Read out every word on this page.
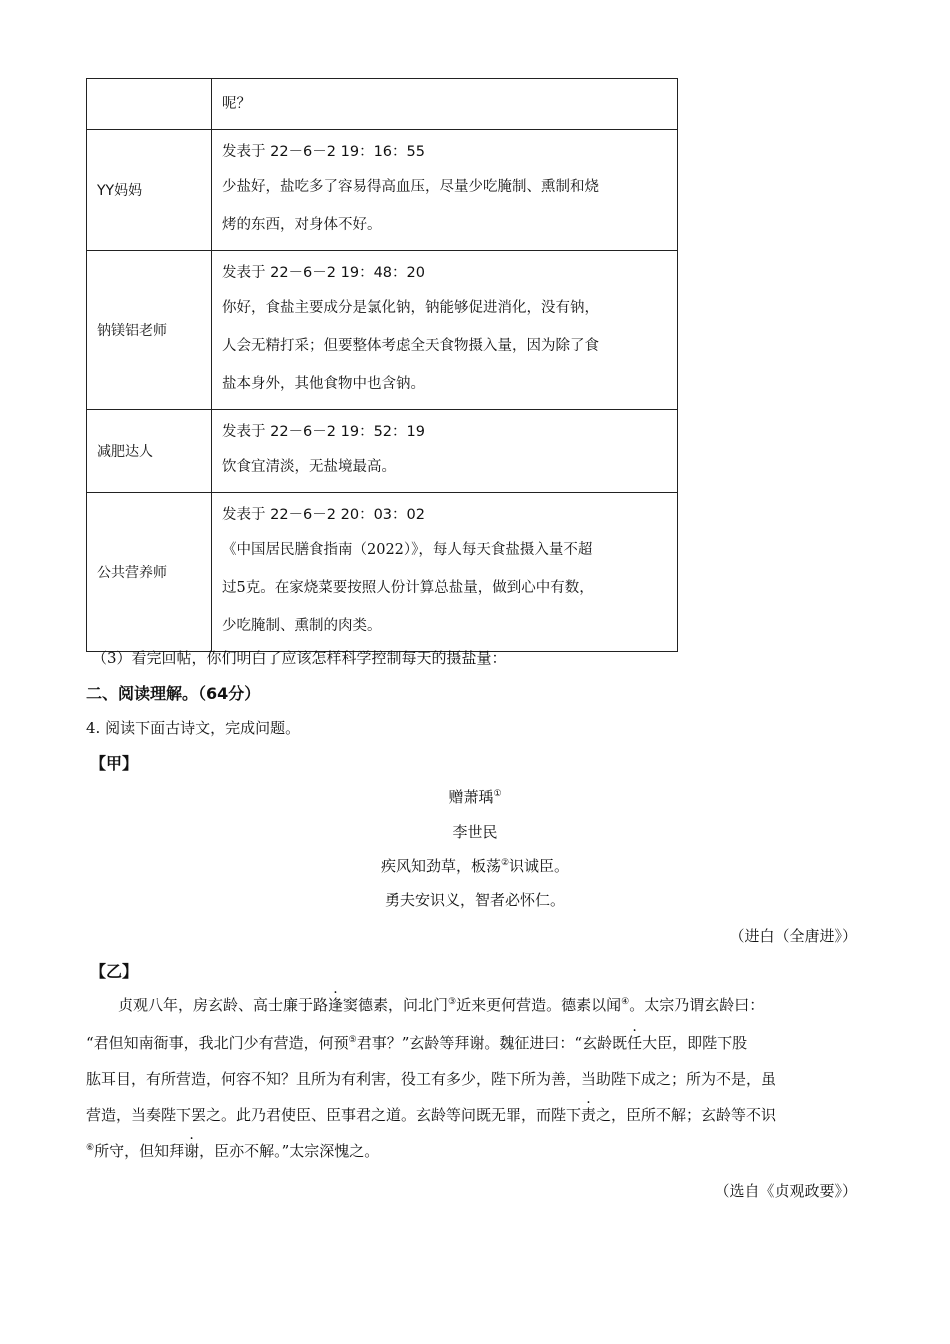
	呢？

YY妈妈	发表于 22－6－2 19：16：55
少盐好，盐吃多了容易得高血压，尽量少吃腌制、熏制和烧
烤的东西，对身体不好。

钠镁铝老师	发表于 22－6－2 19：48：20
你好，食盐主要成分是氯化钠，钠能够促进消化，没有钠，
人会无精打采；但要整体考虑全天食物摄入量，因为除了食
盐本身外，其他食物中也含钠。

减肥达人	发表于 22－6－2 19：52：19
饮食宜清淡，无盐境最高。

公共营养师	发表于 22－6－2 20：03：02
《中国居民膳食指南（2022）》，每人每天食盐摄入量不超
过5克。在家烧菜要按照人份计算总盐量，做到心中有数，
少吃腌制、熏制的肉类。
（3）看完回帖，你们明白了应该怎样科学控制每天的摄盐量：
二、阅读理解。（64分）
4. 阅读下面古诗文，完成问题。
【甲】
赠萧瑀①
李世民
疾风知劲草，板荡②识诚臣。
勇夫安识义，智者必怀仁。
（进白（全唐进》）
【乙】
贞观八年，房玄龄、高士廉于路逢窦德素，问北门③近来更何营造。德素以闻④。太宗乃谓玄龄曰：
“君但知南衙事，我北门少有营造，何预⑤君事？”玄龄等拜谢。魏征进曰：“玄龄既任大臣，即陛下股
肱耳目，有所营造，何容不知？且所为有利害，役工有多少，陛下所为善，当助陛下成之；所为不是，虽
营造，当奏陛下罢之。此乃君使臣、臣事君之道。玄龄等问既无罪，而陛下责之，臣所不解；玄龄等不识
⑥所守，但知拜谢，臣亦不解。”太宗深愧之。
（选自《贞观政要》）
